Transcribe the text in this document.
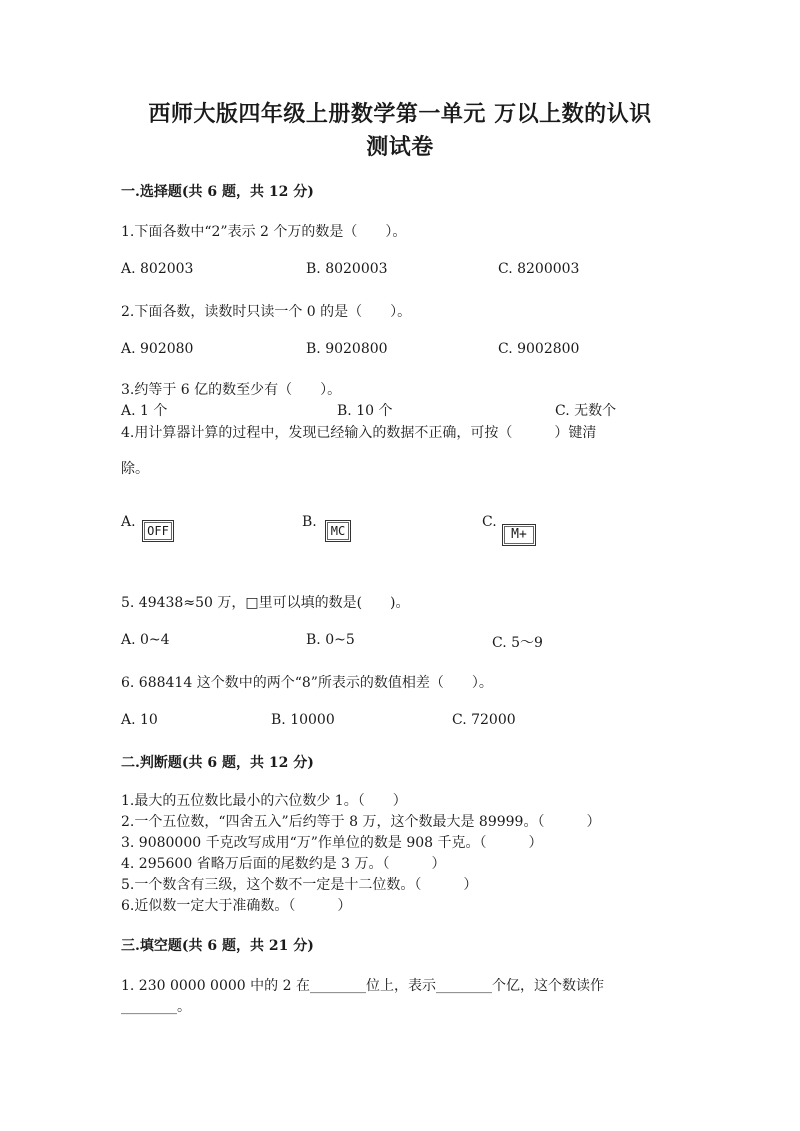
西师大版四年级上册数学第一单元 万以上数的认识
测试卷
一.选择题(共 6 题，共 12 分)
1.下面各数中“2”表示 2 个万的数是（　　）。
A. 802003	B. 8020003	C. 8200003
2.下面各数，读数时只读一个 0 的是（　　）。
A. 902080	B. 9020800	C. 9002800
3.约等于 6 亿的数至少有（　　）。
A. 1 个	B. 10 个	C. 无数个
4.用计算器计算的过程中，发现已经输入的数据不正确，可按（　　　）键清
除。
A.
OFF
B.
MC
C.
M+
5. 49438≈50 万，□里可以填的数是(　　)。
A. 0~4	B. 0~5	C. 5～9
6. 688414 这个数中的两个“8”所表示的数值相差（　　）。
A. 10	B. 10000	C. 72000
二.判断题(共 6 题，共 12 分)
1.最大的五位数比最小的六位数少 1。（　　）
2.一个五位数，“四舍五入”后约等于 8 万，这个数最大是 89999。（　　　）
3. 9080000 千克改写成用“万”作单位的数是 908 千克。（　　　）
4. 295600 省略万后面的尾数约是 3 万。（　　　）
5.一个数含有三级，这个数不一定是十二位数。（　　　）
6.近似数一定大于准确数。（　　　）
三.填空题(共 6 题，共 21 分)
1. 230 0000 0000 中的 2 在________位上，表示________个亿，这个数读作
________。
